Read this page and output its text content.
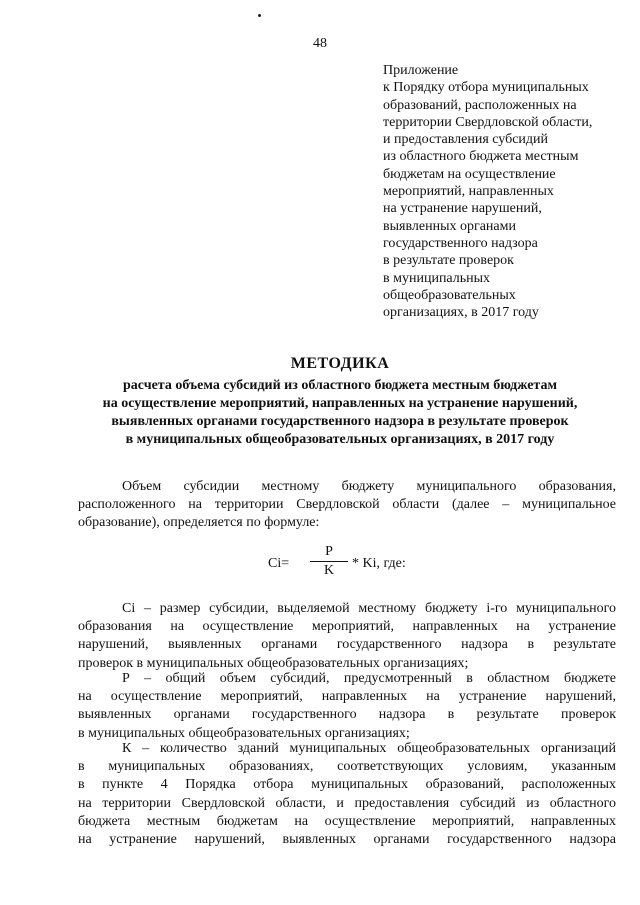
48
Приложение
к Порядку отбора муниципальных
образований, расположенных на
территории Свердловской области,
и предоставления субсидий
из областного бюджета местным
бюджетам на осуществление
мероприятий, направленных
на устранение нарушений,
выявленных органами
государственного надзора
в результате проверок
в муниципальных
общеобразовательных
организациях, в 2017 году
МЕТОДИКА
расчета объема субсидий из областного бюджета местным бюджетам
на осуществление мероприятий, направленных на устранение нарушений,
выявленных органами государственного надзора в результате проверок
в муниципальных общеобразовательных организациях, в 2017 году
Объем субсидии местному бюджету муниципального образования,
расположенного на территории Свердловской области (далее – муниципальное
образование), определяется по формуле:
Ci=
P
K	* Ki, где:
Ci – размер субсидии, выделяемой местному бюджету i-го муниципального
образования на осуществление мероприятий, направленных на устранение
нарушений, выявленных органами государственного надзора в результате
проверок в муниципальных общеобразовательных организациях;
Р – общий объем субсидий, предусмотренный в областном бюджете
на осуществление мероприятий, направленных на устранение нарушений,
выявленных органами государственного надзора в результате проверок
в муниципальных общеобразовательных организациях;
К – количество зданий муниципальных общеобразовательных организаций
в муниципальных образованиях, соответствующих условиям, указанным
в пункте 4 Порядка отбора муниципальных образований, расположенных
на территории Свердловской области, и предоставления субсидий из областного
бюджета местным бюджетам на осуществление мероприятий, направленных
на устранение нарушений, выявленных органами государственного надзора
